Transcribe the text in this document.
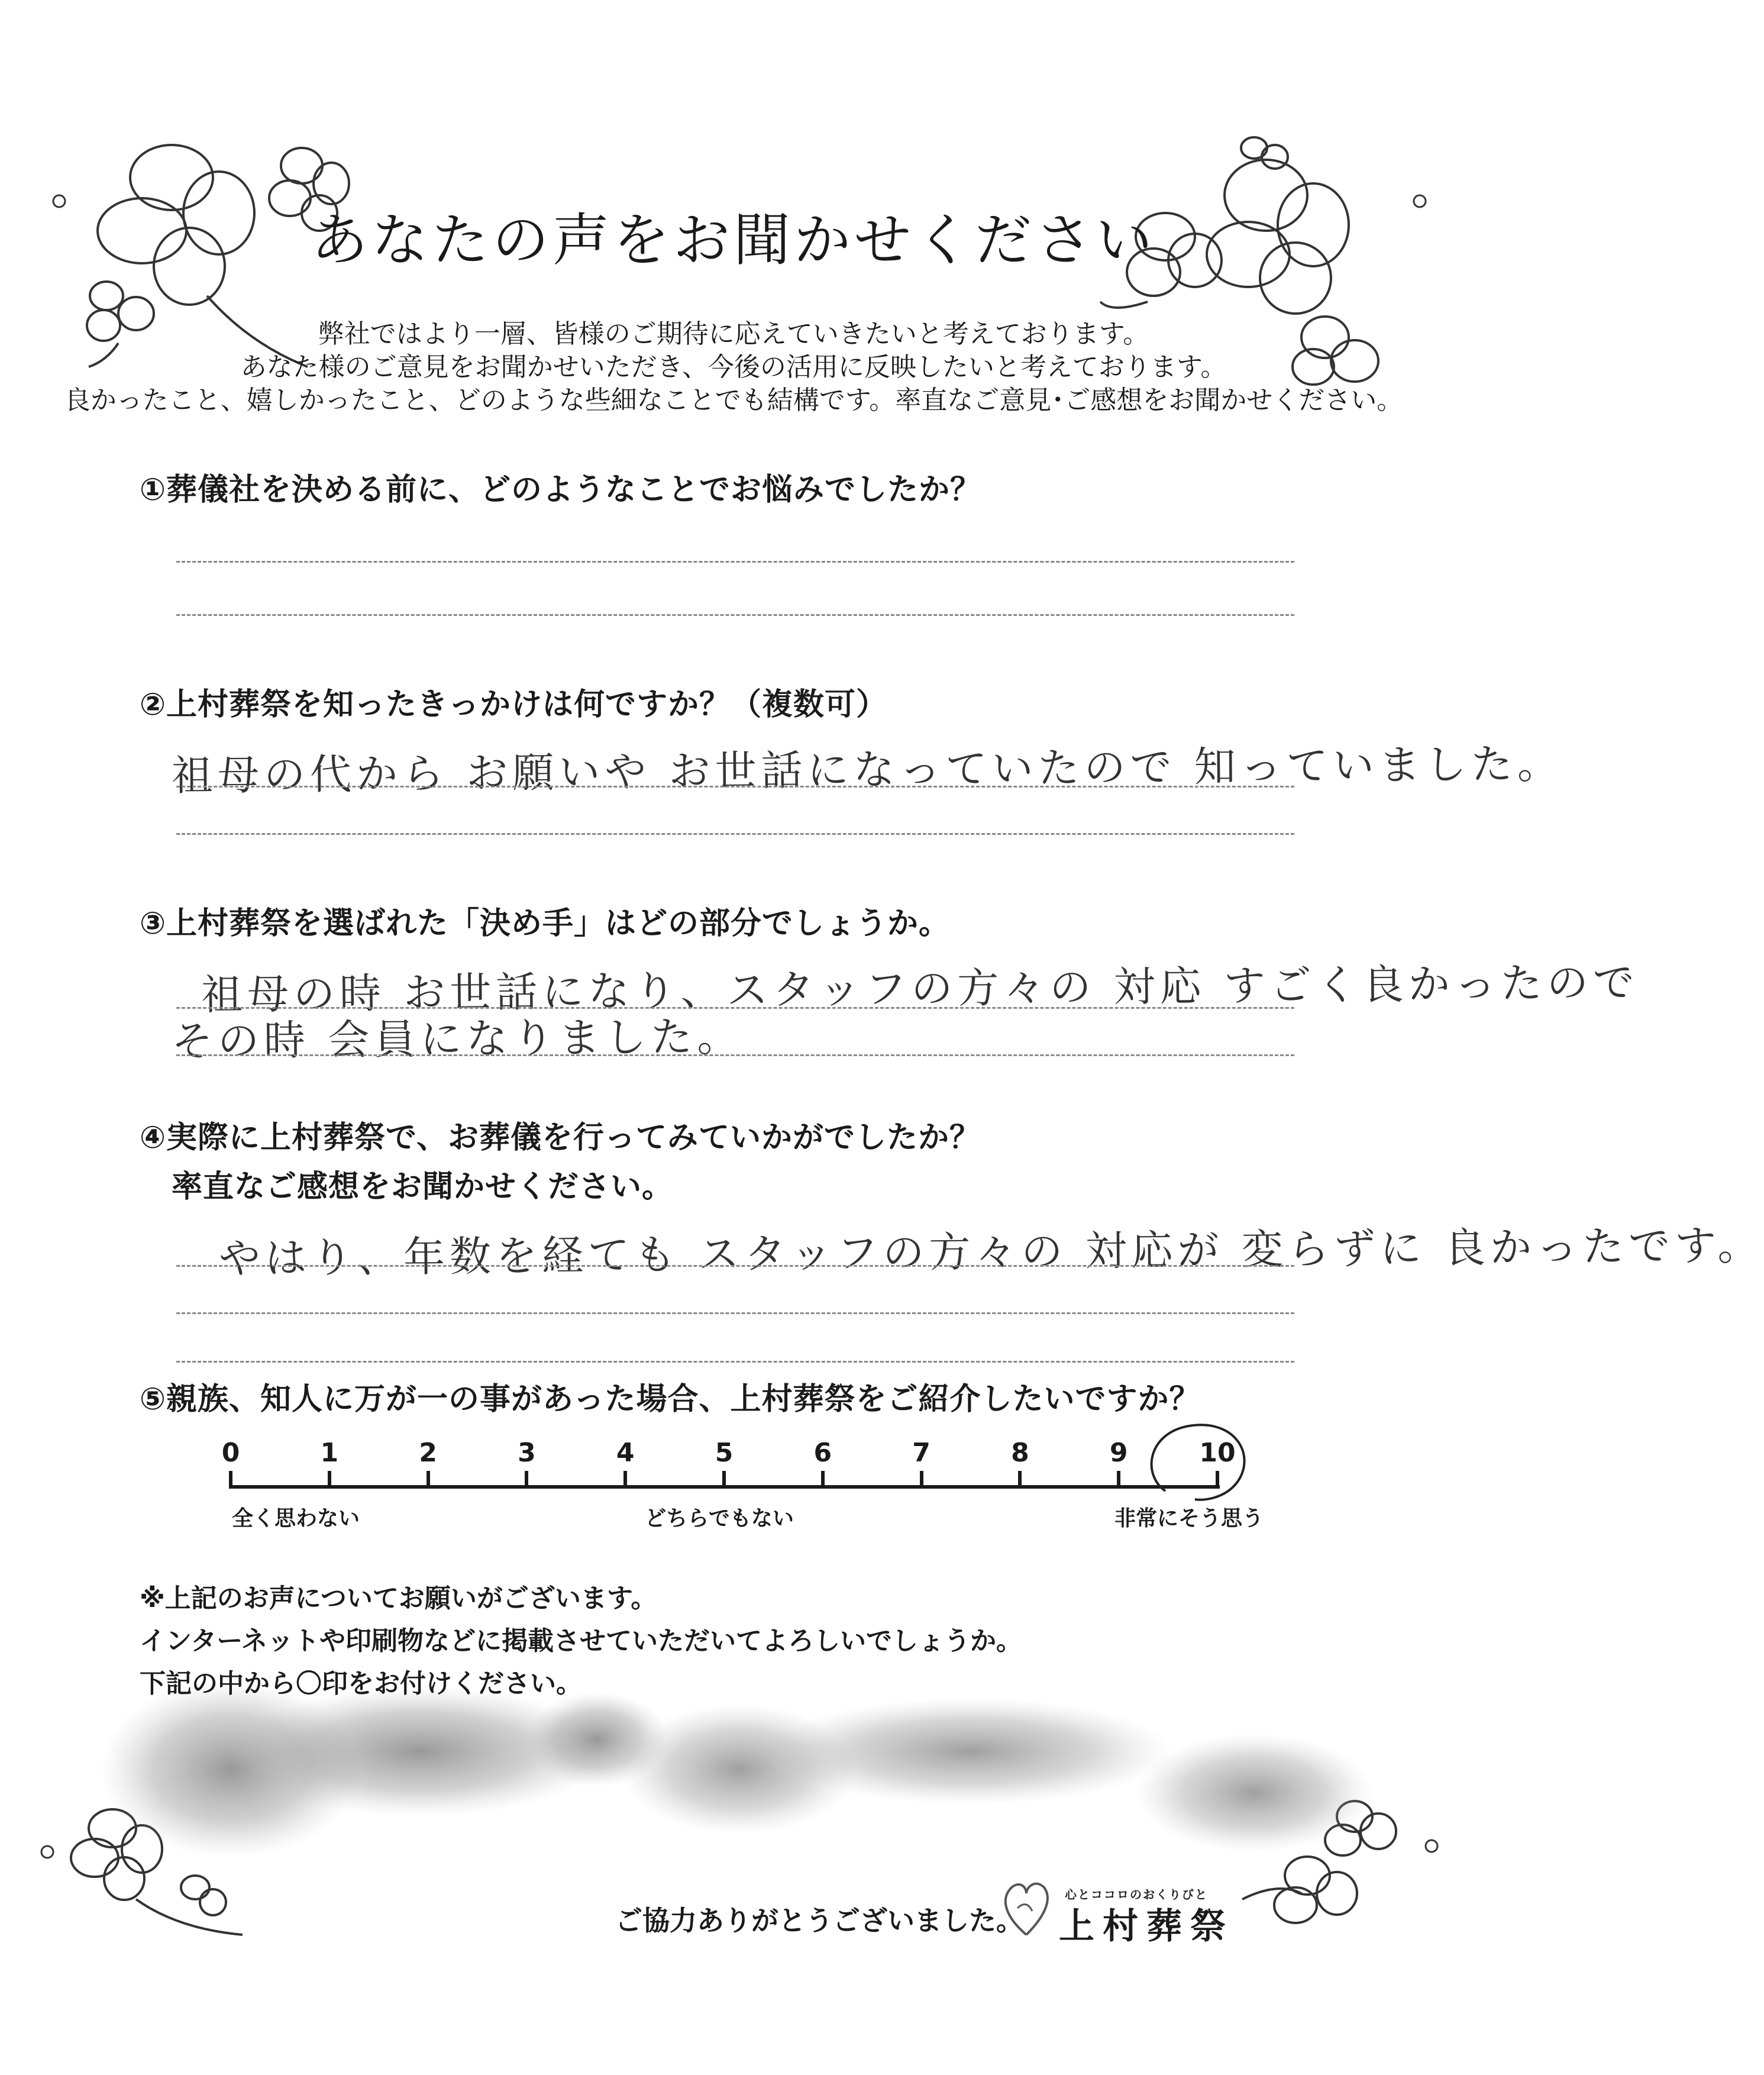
あなたの声をお聞かせください
弊社ではより一層、皆様のご期待に応えていきたいと考えております。
あなた様のご意見をお聞かせいただき、今後の活用に反映したいと考えております。
良かったこと、嬉しかったこと、どのような些細なことでも結構です。率直なご意見･ご感想をお聞かせください。
①葬儀社を決める前に、どのようなことでお悩みでしたか？
②上村葬祭を知ったきっかけは何ですか？（複数可）
祖母の代から お願いや お世話になっていたので 知っていました。
③上村葬祭を選ばれた「決め手」はどの部分でしょうか。
祖母の時 お世話になり、スタッフの方々の 対応 すごく良かったので
その時 会員になりました。
④実際に上村葬祭で、お葬儀を行ってみていかがでしたか？
率直なご感想をお聞かせください。
やはり、年数を経ても スタッフの方々の 対応が 変らずに 良かったです。
⑤親族、知人に万が一の事があった場合、上村葬祭をご紹介したいですか？
0	1	2	3	4	5	6	7	8	9	10
全く思わない	どちらでもない	非常にそう思う
※上記のお声についてお願いがございます。
インターネットや印刷物などに掲載させていただいてよろしいでしょうか。
下記の中から〇印をお付けください。
ご協力ありがとうございました。
心とココロのおくりびと
上村葬祭
